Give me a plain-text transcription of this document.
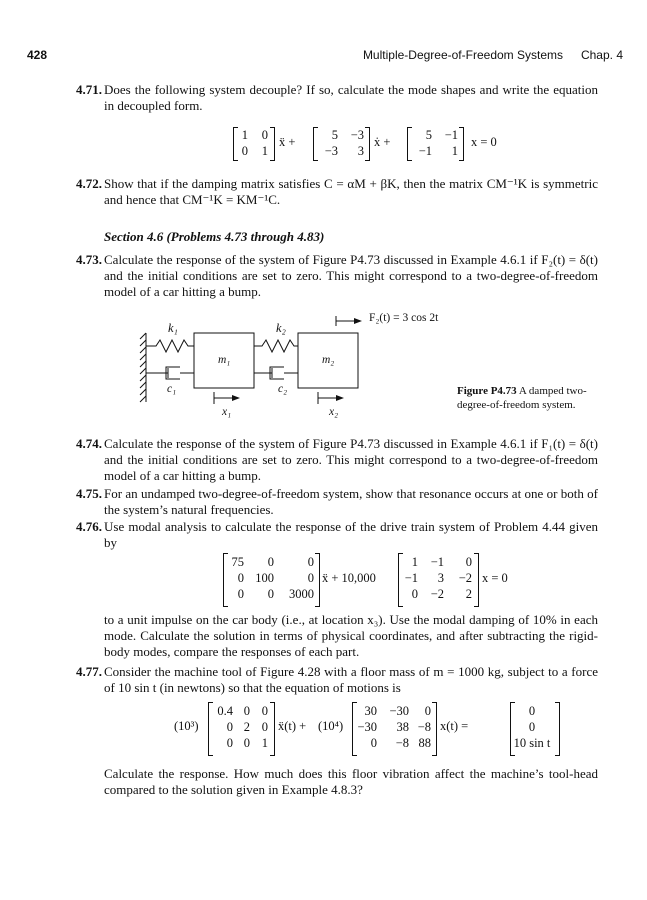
428	Multiple-Degree-of-Freedom Systems Chap. 4
4.71. Does the following system decouple? If so, calculate the mode shapes and write the equation in decoupled form.
1	0
0	1
ẍ +	5	−3
−3	3
ẋ +	5	−1
−1	1
x = 0
4.72. Show that if the damping matrix satisfies C = αM + βK, then the matrix CM⁻¹K is symmetric and hence that CM⁻¹K = KM⁻¹C.
Section 4.6 (Problems 4.73 through 4.83)
4.73. Calculate the response of the system of Figure P4.73 discussed in Example 4.6.1 if F₂(t) = δ(t) and the initial conditions are set to zero. This might correspond to a two-degree-of-freedom model of a car hitting a bump.
k₁	k₂
m₁	m₂
c₁	c₂
x₁	x₂
F₂(t) = 3 cos 2t
Figure P4.73 A damped two-degree-of-freedom system.
4.74. Calculate the response of the system of Figure P4.73 discussed in Example 4.6.1 if F₁(t) = δ(t) and the initial conditions are set to zero. This might correspond to a two-degree-of-freedom model of a car hitting a bump.
4.75. For an undamped two-degree-of-freedom system, show that resonance occurs at one or both of the system’s natural frequencies.
4.76. Use modal analysis to calculate the response of the drive train system of Problem 4.44 given by
75	0	0
0 100	0
0	0	3000
ẍ + 10,000
1	−1	0
−1	3	−2
0	−2	2
x = 0
to a unit impulse on the car body (i.e., at location x₃). Use the modal damping of 10% in each mode. Calculate the solution in terms of physical coordinates, and after subtracting the rigid-body modes, compare the responses of each part.
4.77. Consider the machine tool of Figure 4.28 with a floor mass of m = 1000 kg, subject to a force of 10 sin t (in newtons) so that the equation of motions is
(10³)
0.4 0 0
0 2 0
0 0 1
ẍ(t) + (10⁴)
30 −30	0
−30	38 −8
0	−8 88
x(t) =
0
0
10 sin t
Calculate the response. How much does this floor vibration affect the machine’s tool-head compared to the solution given in Example 4.8.3?
